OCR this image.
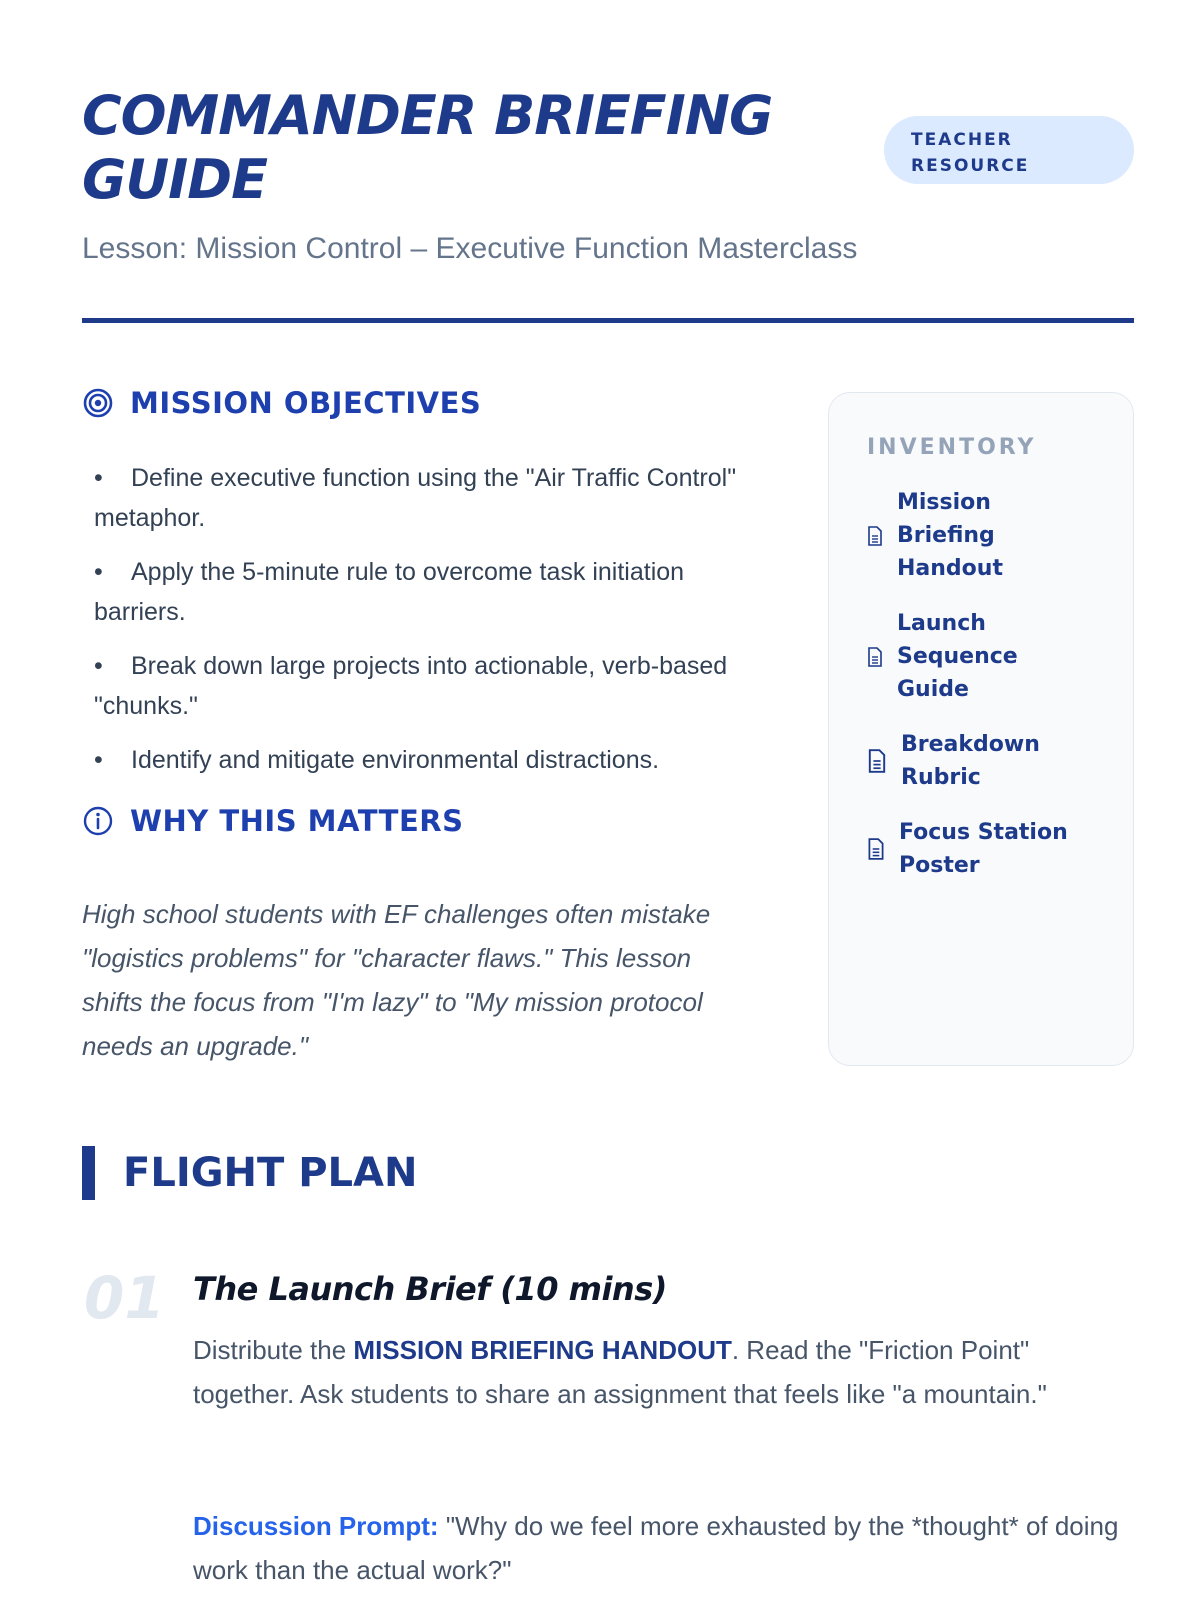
COMMANDER BRIEFING GUIDE
TEACHER RESOURCE
Lesson: Mission Control – Executive Function Masterclass
MISSION OBJECTIVES
• Define executive function using the "Air Traffic Control" metaphor.
• Apply the 5-minute rule to overcome task initiation barriers.
• Break down large projects into actionable, verb-based "chunks."
• Identify and mitigate environmental distractions.
WHY THIS MATTERS

High school students with EF challenges often mistake "logistics problems" for "character flaws." This lesson shifts the focus from "I'm lazy" to "My mission protocol needs an upgrade."

INVENTORY
Mission Briefing Handout
Launch Sequence Guide
Breakdown Rubric
Focus Station Poster
FLIGHT PLAN
01 The Launch Brief (10 mins)

Distribute the MISSION BRIEFING HANDOUT. Read the "Friction Point" together. Ask students to share an assignment that feels like "a mountain."

Discussion Prompt: "Why do we feel more exhausted by the *thought* of doing work than the actual work?"
